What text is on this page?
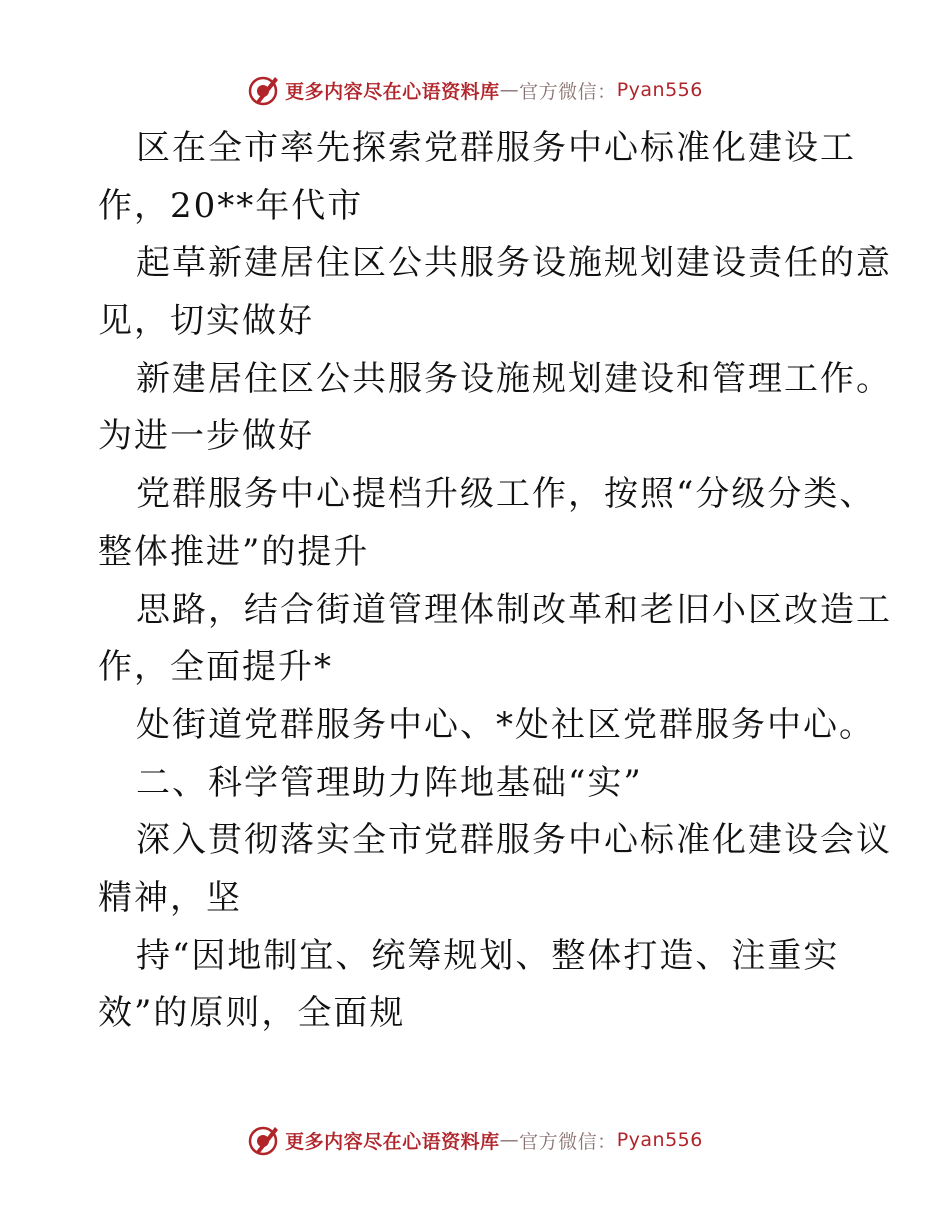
更多内容尽在心语资料库 — 官方微信： Pyan556
区在全市率先探索党群服务中心标准化建设工
作，20**年代市
起草新建居住区公共服务设施规划建设责任的意
见，切实做好
新建居住区公共服务设施规划建设和管理工作。
为进一步做好
党群服务中心提档升级工作，按照“分级分类、
整体推进”的提升
思路，结合街道管理体制改革和老旧小区改造工
作，全面提升*
处街道党群服务中心、*处社区党群服务中心。
二、科学管理助力阵地基础“实”
深入贯彻落实全市党群服务中心标准化建设会议
精神，坚
持“因地制宜、统筹规划、整体打造、注重实
效”的原则，全面规
更多内容尽在心语资料库 — 官方微信： Pyan556
